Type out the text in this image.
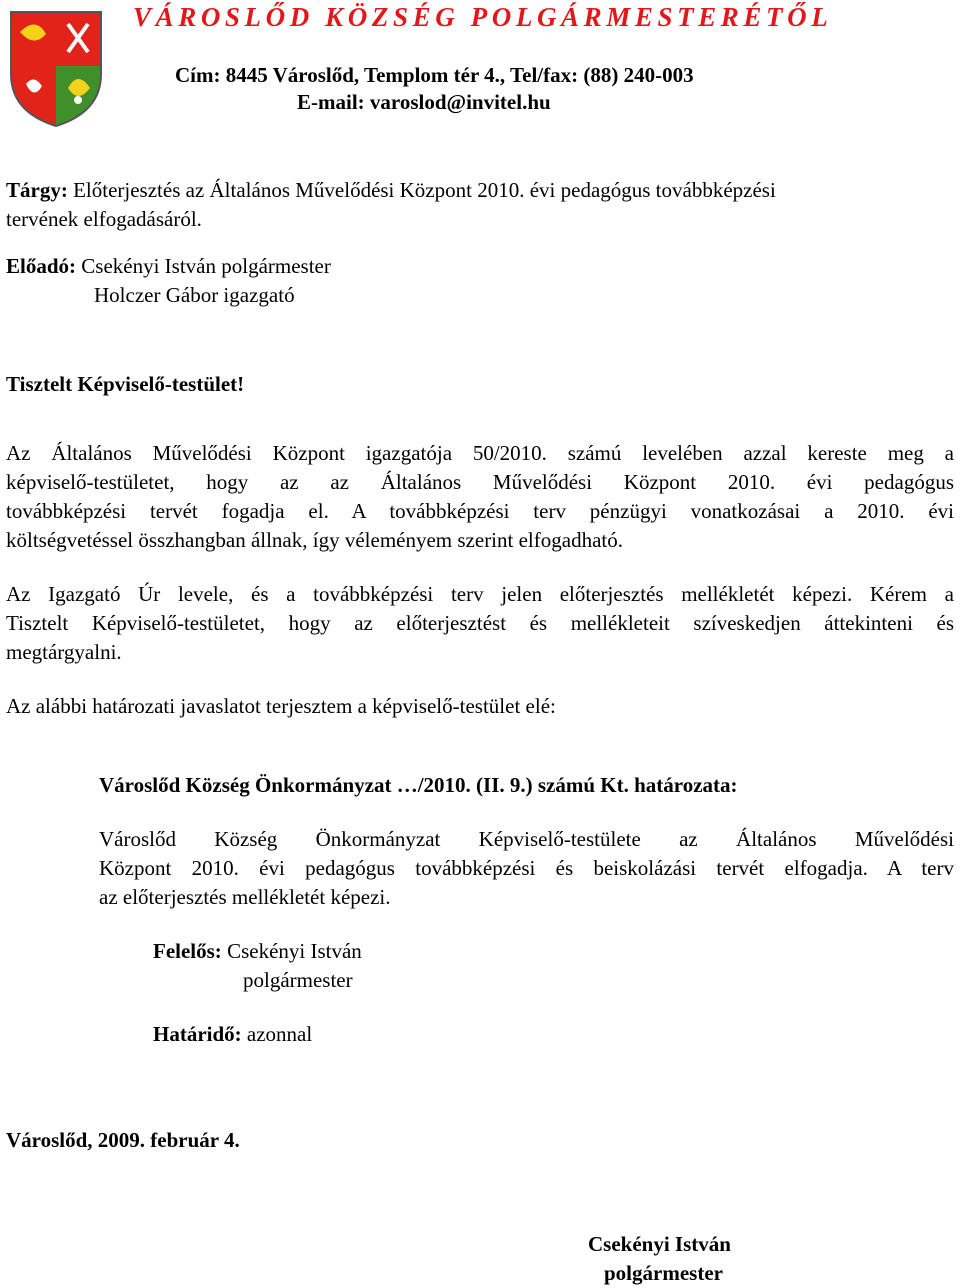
VÁROSLŐD KÖZSÉG POLGÁRMESTERÉTŐL
Cím: 8445 Városlőd, Templom tér 4., Tel/fax: (88) 240-003
E-mail: varoslod@invitel.hu
Tárgy: Előterjesztés az Általános Művelődési Központ 2010. évi pedagógus továbbképzési
tervének elfogadásáról.
Előadó: Csekényi István polgármester
Holczer Gábor igazgató
Tisztelt Képviselő-testület!
Az Általános Művelődési Központ igazgatója 50/2010. számú levelében azzal kereste meg a
képviselő-testületet, hogy az az Általános Művelődési Központ 2010. évi pedagógus
továbbképzési tervét fogadja el. A továbbképzési terv pénzügyi vonatkozásai a 2010. évi
költségvetéssel összhangban állnak, így véleményem szerint elfogadható.
Az Igazgató Úr levele, és a továbbképzési terv jelen előterjesztés mellékletét képezi. Kérem a
Tisztelt Képviselő-testületet, hogy az előterjesztést és mellékleteit szíveskedjen áttekinteni és
megtárgyalni.
Az alábbi határozati javaslatot terjesztem a képviselő-testület elé:
Városlőd Község Önkormányzat …/2010. (II. 9.) számú Kt. határozata:
Városlőd Község Önkormányzat Képviselő-testülete az Általános Művelődési
Központ 2010. évi pedagógus továbbképzési és beiskolázási tervét elfogadja. A terv
az előterjesztés mellékletét képezi.
Felelős: Csekényi István
polgármester
Határidő: azonnal
Városlőd, 2009. február 4.
Csekényi István
polgármester
